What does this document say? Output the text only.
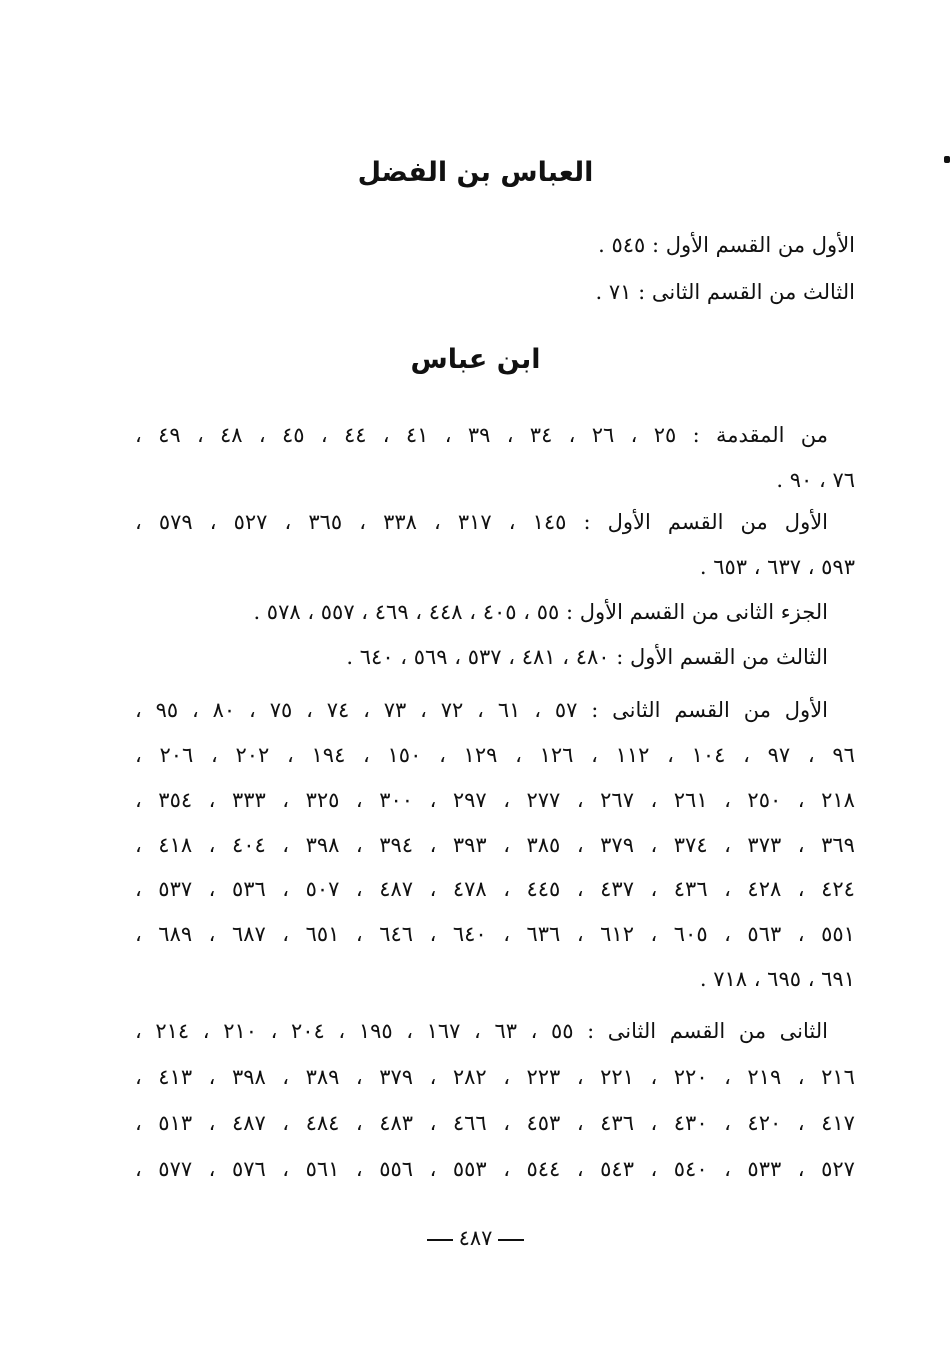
العباس بن الفضل
الأول من القسم الأول : ٥٤٥ .
الثالث من القسم الثانى : ٧١ .
ابن عباس
من المقدمة : ٢٥ ، ٢٦ ، ٣٤ ، ٣٩ ، ٤١ ، ٤٤ ، ٤٥ ، ٤٨ ، ٤٩ ،
٧٦ ، ٩٠ .
الأول من القسم الأول : ١٤٥ ، ٣١٧ ، ٣٣٨ ، ٣٦٥ ، ٥٢٧ ، ٥٧٩ ،
٥٩٣ ، ٦٣٧ ، ٦٥٣ .
الجزء الثانى من القسم الأول : ٥٥ ، ٤٠٥ ، ٤٤٨ ، ٤٦٩ ، ٥٥٧ ، ٥٧٨ .
الثالث من القسم الأول : ٤٨٠ ، ٤٨١ ، ٥٣٧ ، ٥٦٩ ، ٦٤٠ .
الأول من القسم الثانى : ٥٧ ، ٦١ ، ٧٢ ، ٧٣ ، ٧٤ ، ٧٥ ، ٨٠ ، ٩٥ ،
٩٦ ، ٩٧ ، ١٠٤ ، ١١٢ ، ١٢٦ ، ١٢٩ ، ١٥٠ ، ١٩٤ ، ٢٠٢ ، ٢٠٦ ،
٢١٨ ، ٢٥٠ ، ٢٦١ ، ٢٦٧ ، ٢٧٧ ، ٢٩٧ ، ٣٠٠ ، ٣٢٥ ، ٣٣٣ ، ٣٥٤ ،
٣٦٩ ، ٣٧٣ ، ٣٧٤ ، ٣٧٩ ، ٣٨٥ ، ٣٩٣ ، ٣٩٤ ، ٣٩٨ ، ٤٠٤ ، ٤١٨ ،
٤٢٤ ، ٤٢٨ ، ٤٣٦ ، ٤٣٧ ، ٤٤٥ ، ٤٧٨ ، ٤٨٧ ، ٥٠٧ ، ٥٣٦ ، ٥٣٧ ،
٥٥١ ، ٥٦٣ ، ٦٠٥ ، ٦١٢ ، ٦٣٦ ، ٦٤٠ ، ٦٤٦ ، ٦٥١ ، ٦٨٧ ، ٦٨٩ ،
٦٩١ ، ٦٩٥ ، ٧١٨ .
الثانى من القسم الثانى : ٥٥ ، ٦٣ ، ١٦٧ ، ١٩٥ ، ٢٠٤ ، ٢١٠ ، ٢١٤ ،
٢١٦ ، ٢١٩ ، ٢٢٠ ، ٢٢١ ، ٢٢٣ ، ٢٨٢ ، ٣٧٩ ، ٣٨٩ ، ٣٩٨ ، ٤١٣ ،
٤١٧ ، ٤٢٠ ، ٤٣٠ ، ٤٣٦ ، ٤٥٣ ، ٤٦٦ ، ٤٨٣ ، ٤٨٤ ، ٤٨٧ ، ٥١٣ ،
٥٢٧ ، ٥٣٣ ، ٥٤٠ ، ٥٤٣ ، ٥٤٤ ، ٥٥٣ ، ٥٥٦ ، ٥٦١ ، ٥٧٦ ، ٥٧٧ ،
٤٨٧
